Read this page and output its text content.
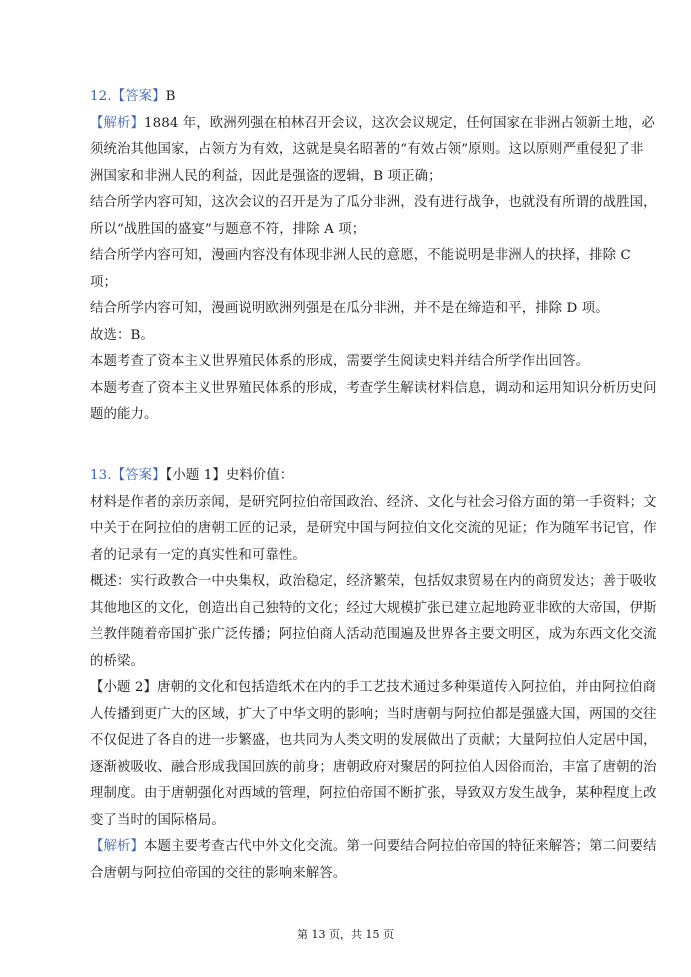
12.【答案】B
【解析】1884 年，欧洲列强在柏林召开会议，这次会议规定，任何国家在非洲占领新土地，必
须统治其他国家，占领方为有效，这就是臭名昭著的“有效占领”原则。这以原则严重侵犯了非
洲国家和非洲人民的利益，因此是强盗的逻辑，B 项正确；
结合所学内容可知，这次会议的召开是为了瓜分非洲，没有进行战争，也就没有所谓的战胜国，
所以“战胜国的盛宴”与题意不符，排除 A 项；
结合所学内容可知，漫画内容没有体现非洲人民的意愿，不能说明是非洲人的抉择，排除 C
项；
结合所学内容可知，漫画说明欧洲列强是在瓜分非洲，并不是在缔造和平，排除 D 项。
故选：B。
本题考查了资本主义世界殖民体系的形成，需要学生阅读史料并结合所学作出回答。
本题考查了资本主义世界殖民体系的形成，考查学生解读材料信息，调动和运用知识分析历史问
题的能力。
13.【答案】【小题 1】史料价值：
材料是作者的亲历亲闻，是研究阿拉伯帝国政治、经济、文化与社会习俗方面的第一手资料；文
中关于在阿拉伯的唐朝工匠的记录，是研究中国与阿拉伯文化交流的见证；作为随军书记官，作
者的记录有一定的真实性和可靠性。
概述：实行政教合一中央集权，政治稳定，经济繁荣，包括奴隶贸易在内的商贸发达；善于吸收
其他地区的文化，创造出自己独特的文化；经过大规模扩张已建立起地跨亚非欧的大帝国，伊斯
兰教伴随着帝国扩张广泛传播；阿拉伯商人活动范围遍及世界各主要文明区，成为东西文化交流
的桥梁。
【小题 2】唐朝的文化和包括造纸术在内的手工艺技术通过多种渠道传入阿拉伯，并由阿拉伯商
人传播到更广大的区域，扩大了中华文明的影响；当时唐朝与阿拉伯都是强盛大国，两国的交往
不仅促进了各自的进一步繁盛，也共同为人类文明的发展做出了贡献；大量阿拉伯人定居中国，
逐渐被吸收、融合形成我国回族的前身；唐朝政府对聚居的阿拉伯人因俗而治，丰富了唐朝的治
理制度。由于唐朝强化对西域的管理，阿拉伯帝国不断扩张，导致双方发生战争，某种程度上改
变了当时的国际格局。
【解析】本题主要考查古代中外文化交流。第一问要结合阿拉伯帝国的特征来解答；第二问要结
合唐朝与阿拉伯帝国的交往的影响来解答。
第 13 页，共 15 页
